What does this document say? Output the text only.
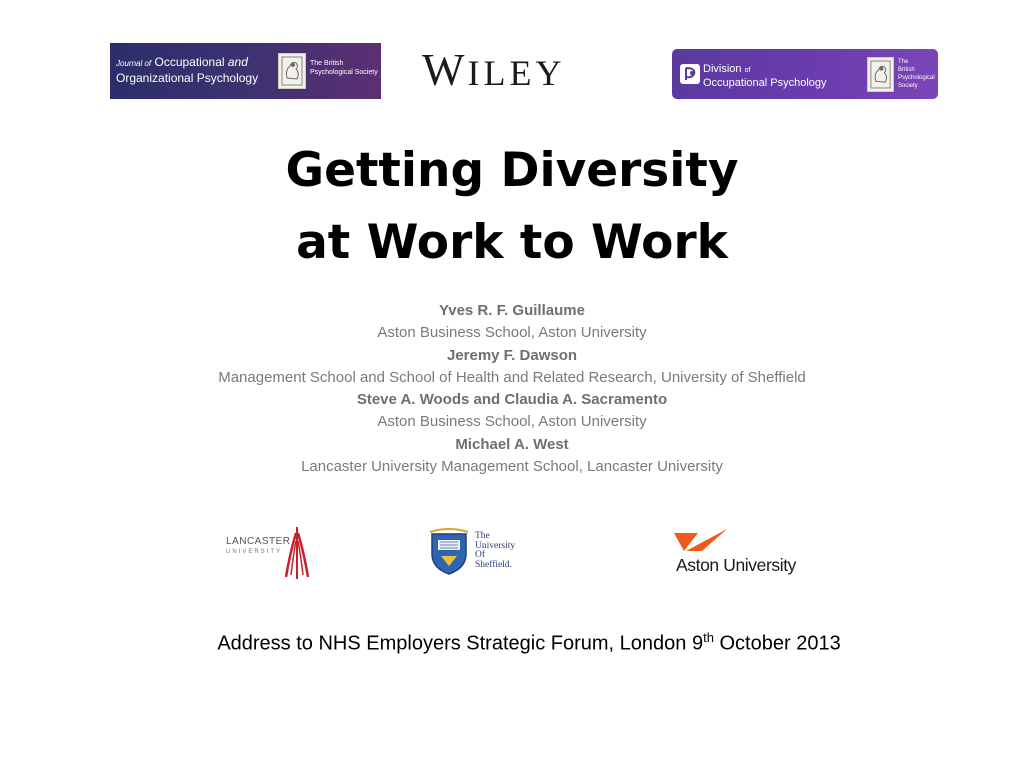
Journal of Occupational and
Organizational Psychology
The British
Psychological Society WILEY	Division of
Occupational Psychology
The
British
Psychological
Society
Getting Diversity
at Work to Work
Yves R. F. Guillaume
Aston Business School, Aston University
Jeremy F. Dawson
Management School and School of Health and Related Research, University of Sheffield
Steve A. Woods and Claudia A. Sacramento
Aston Business School, Aston University
Michael A. West
Lancaster University Management School, Lancaster University
LANCASTER
UNIVERSITY
The
University
Of
Sheffield.	Aston University
Address to NHS Employers Strategic Forum, London 9th October 2013
